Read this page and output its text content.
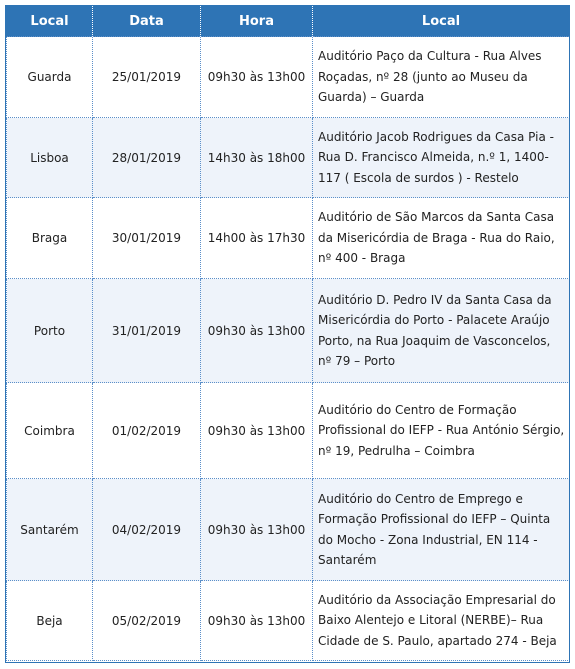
Local	Data	Hora	Local
Guarda	25/01/2019	09h30 às 13h00	Auditório Paço da Cultura - Rua Alves Roçadas, nº 28 (junto ao Museu da Guarda) – Guarda
Lisboa	28/01/2019	14h30 às 18h00	Auditório Jacob Rodrigues da Casa Pia - Rua D. Francisco Almeida, n.º 1, 1400-117 ( Escola de surdos ) - Restelo
Braga	30/01/2019	14h00 às 17h30	Auditório de São Marcos da Santa Casa da Misericórdia de Braga - Rua do Raio, nº 400 - Braga
Porto	31/01/2019	09h30 às 13h00	Auditório D. Pedro IV da Santa Casa da Misericórdia do Porto - Palacete Araújo Porto, na Rua Joaquim de Vasconcelos, nº 79 – Porto
Coimbra	01/02/2019	09h30 às 13h00	Auditório do Centro de Formação Profissional do IEFP - Rua António Sérgio, nº 19, Pedrulha – Coimbra
Santarém	04/02/2019	09h30 às 13h00	Auditório do Centro de Emprego e Formação Profissional do IEFP – Quinta do Mocho - Zona Industrial, EN 114 - Santarém
Beja	05/02/2019	09h30 às 13h00	Auditório da Associação Empresarial do Baixo Alentejo e Litoral (NERBE)– Rua Cidade de S. Paulo, apartado 274 - Beja
